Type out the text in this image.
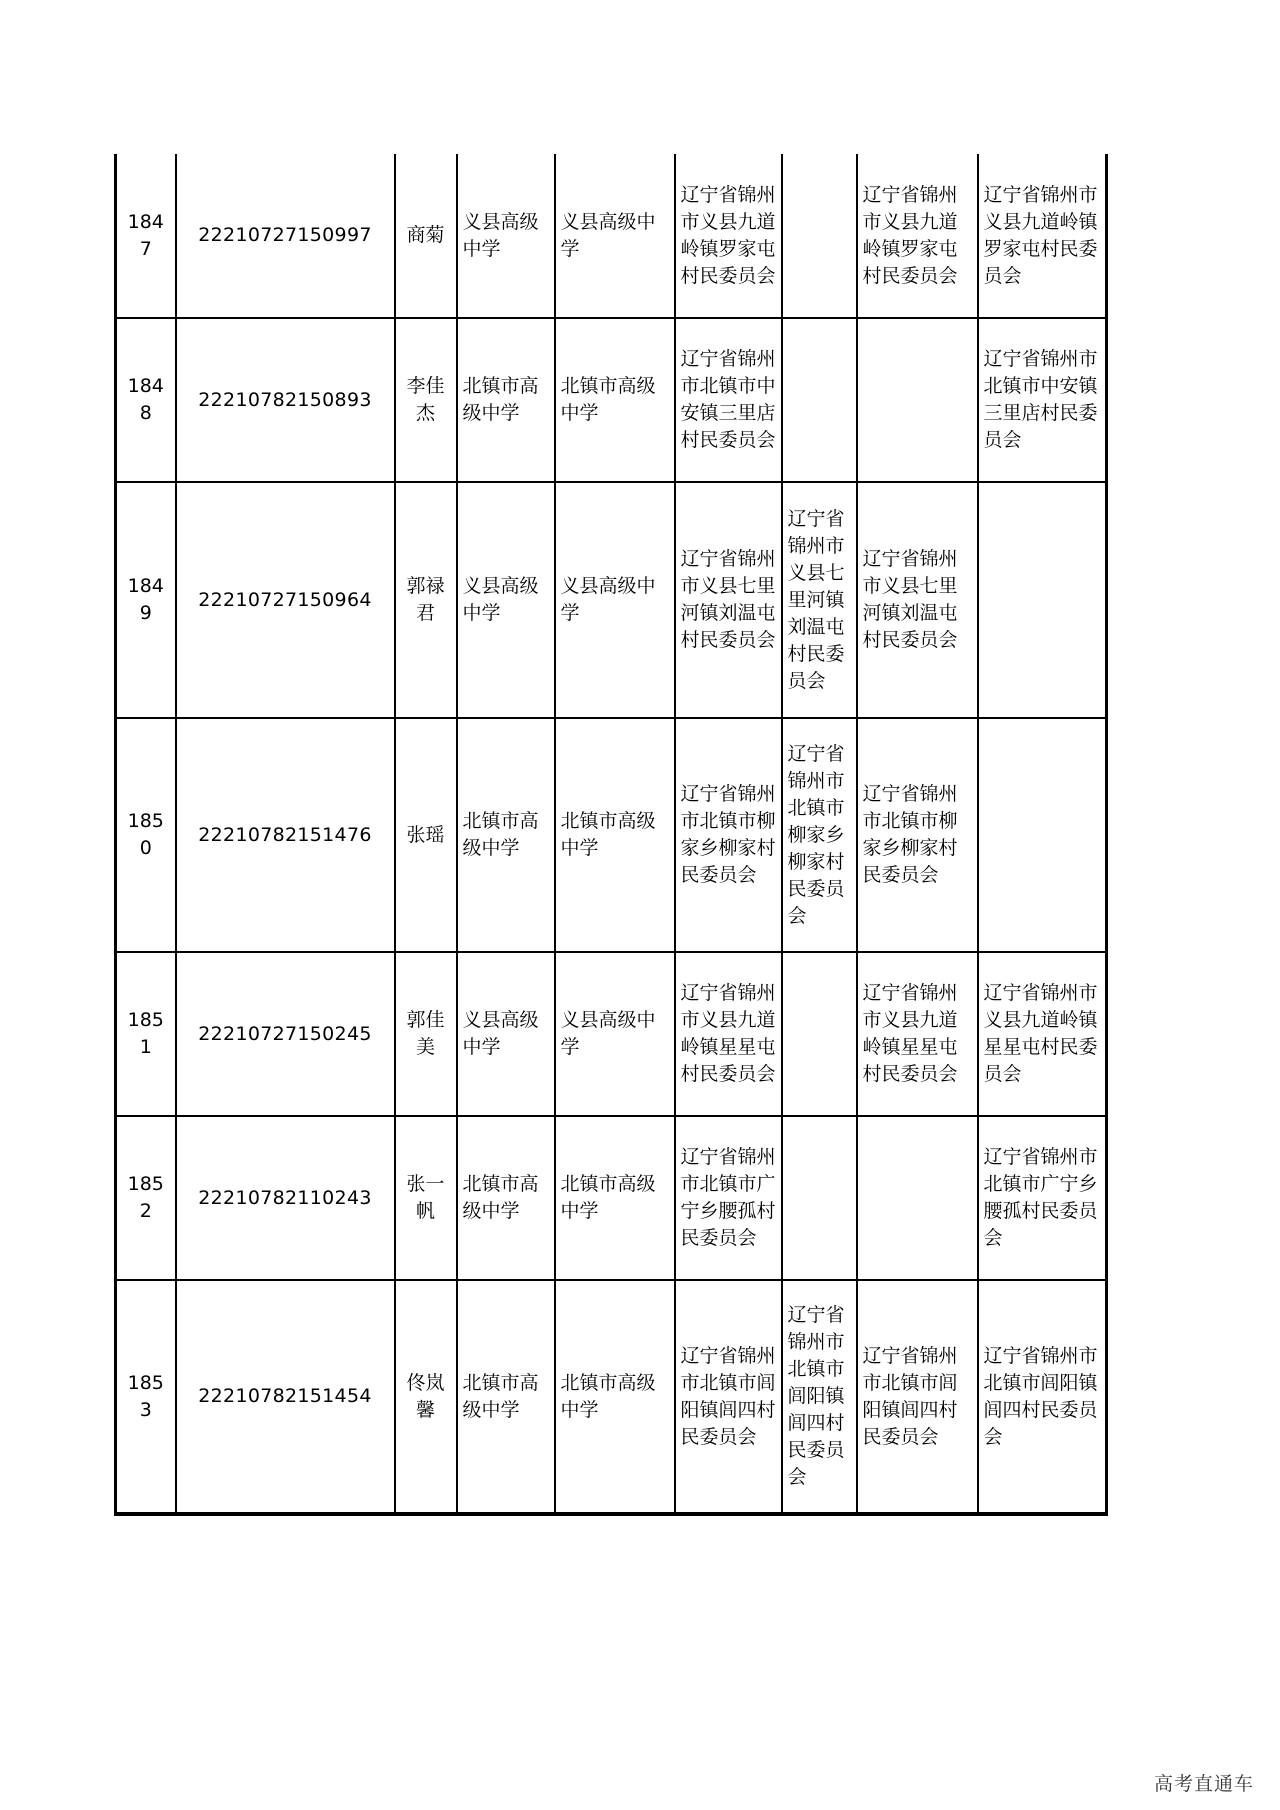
1847	22210727150997	商菊	义县高级中学	义县高级中学	辽宁省锦州市义县九道岭镇罗家屯村民委员会		辽宁省锦州市义县九道岭镇罗家屯村民委员会	辽宁省锦州市义县九道岭镇罗家屯村民委员会
1848	22210782150893	李佳杰	北镇市高级中学	北镇市高级中学	辽宁省锦州市北镇市中安镇三里店村民委员会			辽宁省锦州市北镇市中安镇三里店村民委员会
1849	22210727150964	郭禄君	义县高级中学	义县高级中学	辽宁省锦州市义县七里河镇刘温屯村民委员会	辽宁省锦州市义县七里河镇刘温屯村民委员会	辽宁省锦州市义县七里河镇刘温屯村民委员会	
1850	22210782151476	张瑶	北镇市高级中学	北镇市高级中学	辽宁省锦州市北镇市柳家乡柳家村民委员会	辽宁省锦州市北镇市柳家乡柳家村民委员会	辽宁省锦州市北镇市柳家乡柳家村民委员会	
1851	22210727150245	郭佳美	义县高级中学	义县高级中学	辽宁省锦州市义县九道岭镇星星屯村民委员会		辽宁省锦州市义县九道岭镇星星屯村民委员会	辽宁省锦州市义县九道岭镇星星屯村民委员会
1852	22210782110243	张一帆	北镇市高级中学	北镇市高级中学	辽宁省锦州市北镇市广宁乡腰孤村民委员会			辽宁省锦州市北镇市广宁乡腰孤村民委员会
1853	22210782151454	佟岚馨	北镇市高级中学	北镇市高级中学	辽宁省锦州市北镇市闾阳镇闾四村民委员会	辽宁省锦州市北镇市闾阳镇闾四村民委员会	辽宁省锦州市北镇市闾阳镇闾四村民委员会	辽宁省锦州市北镇市闾阳镇闾四村民委员会
高考直通车
